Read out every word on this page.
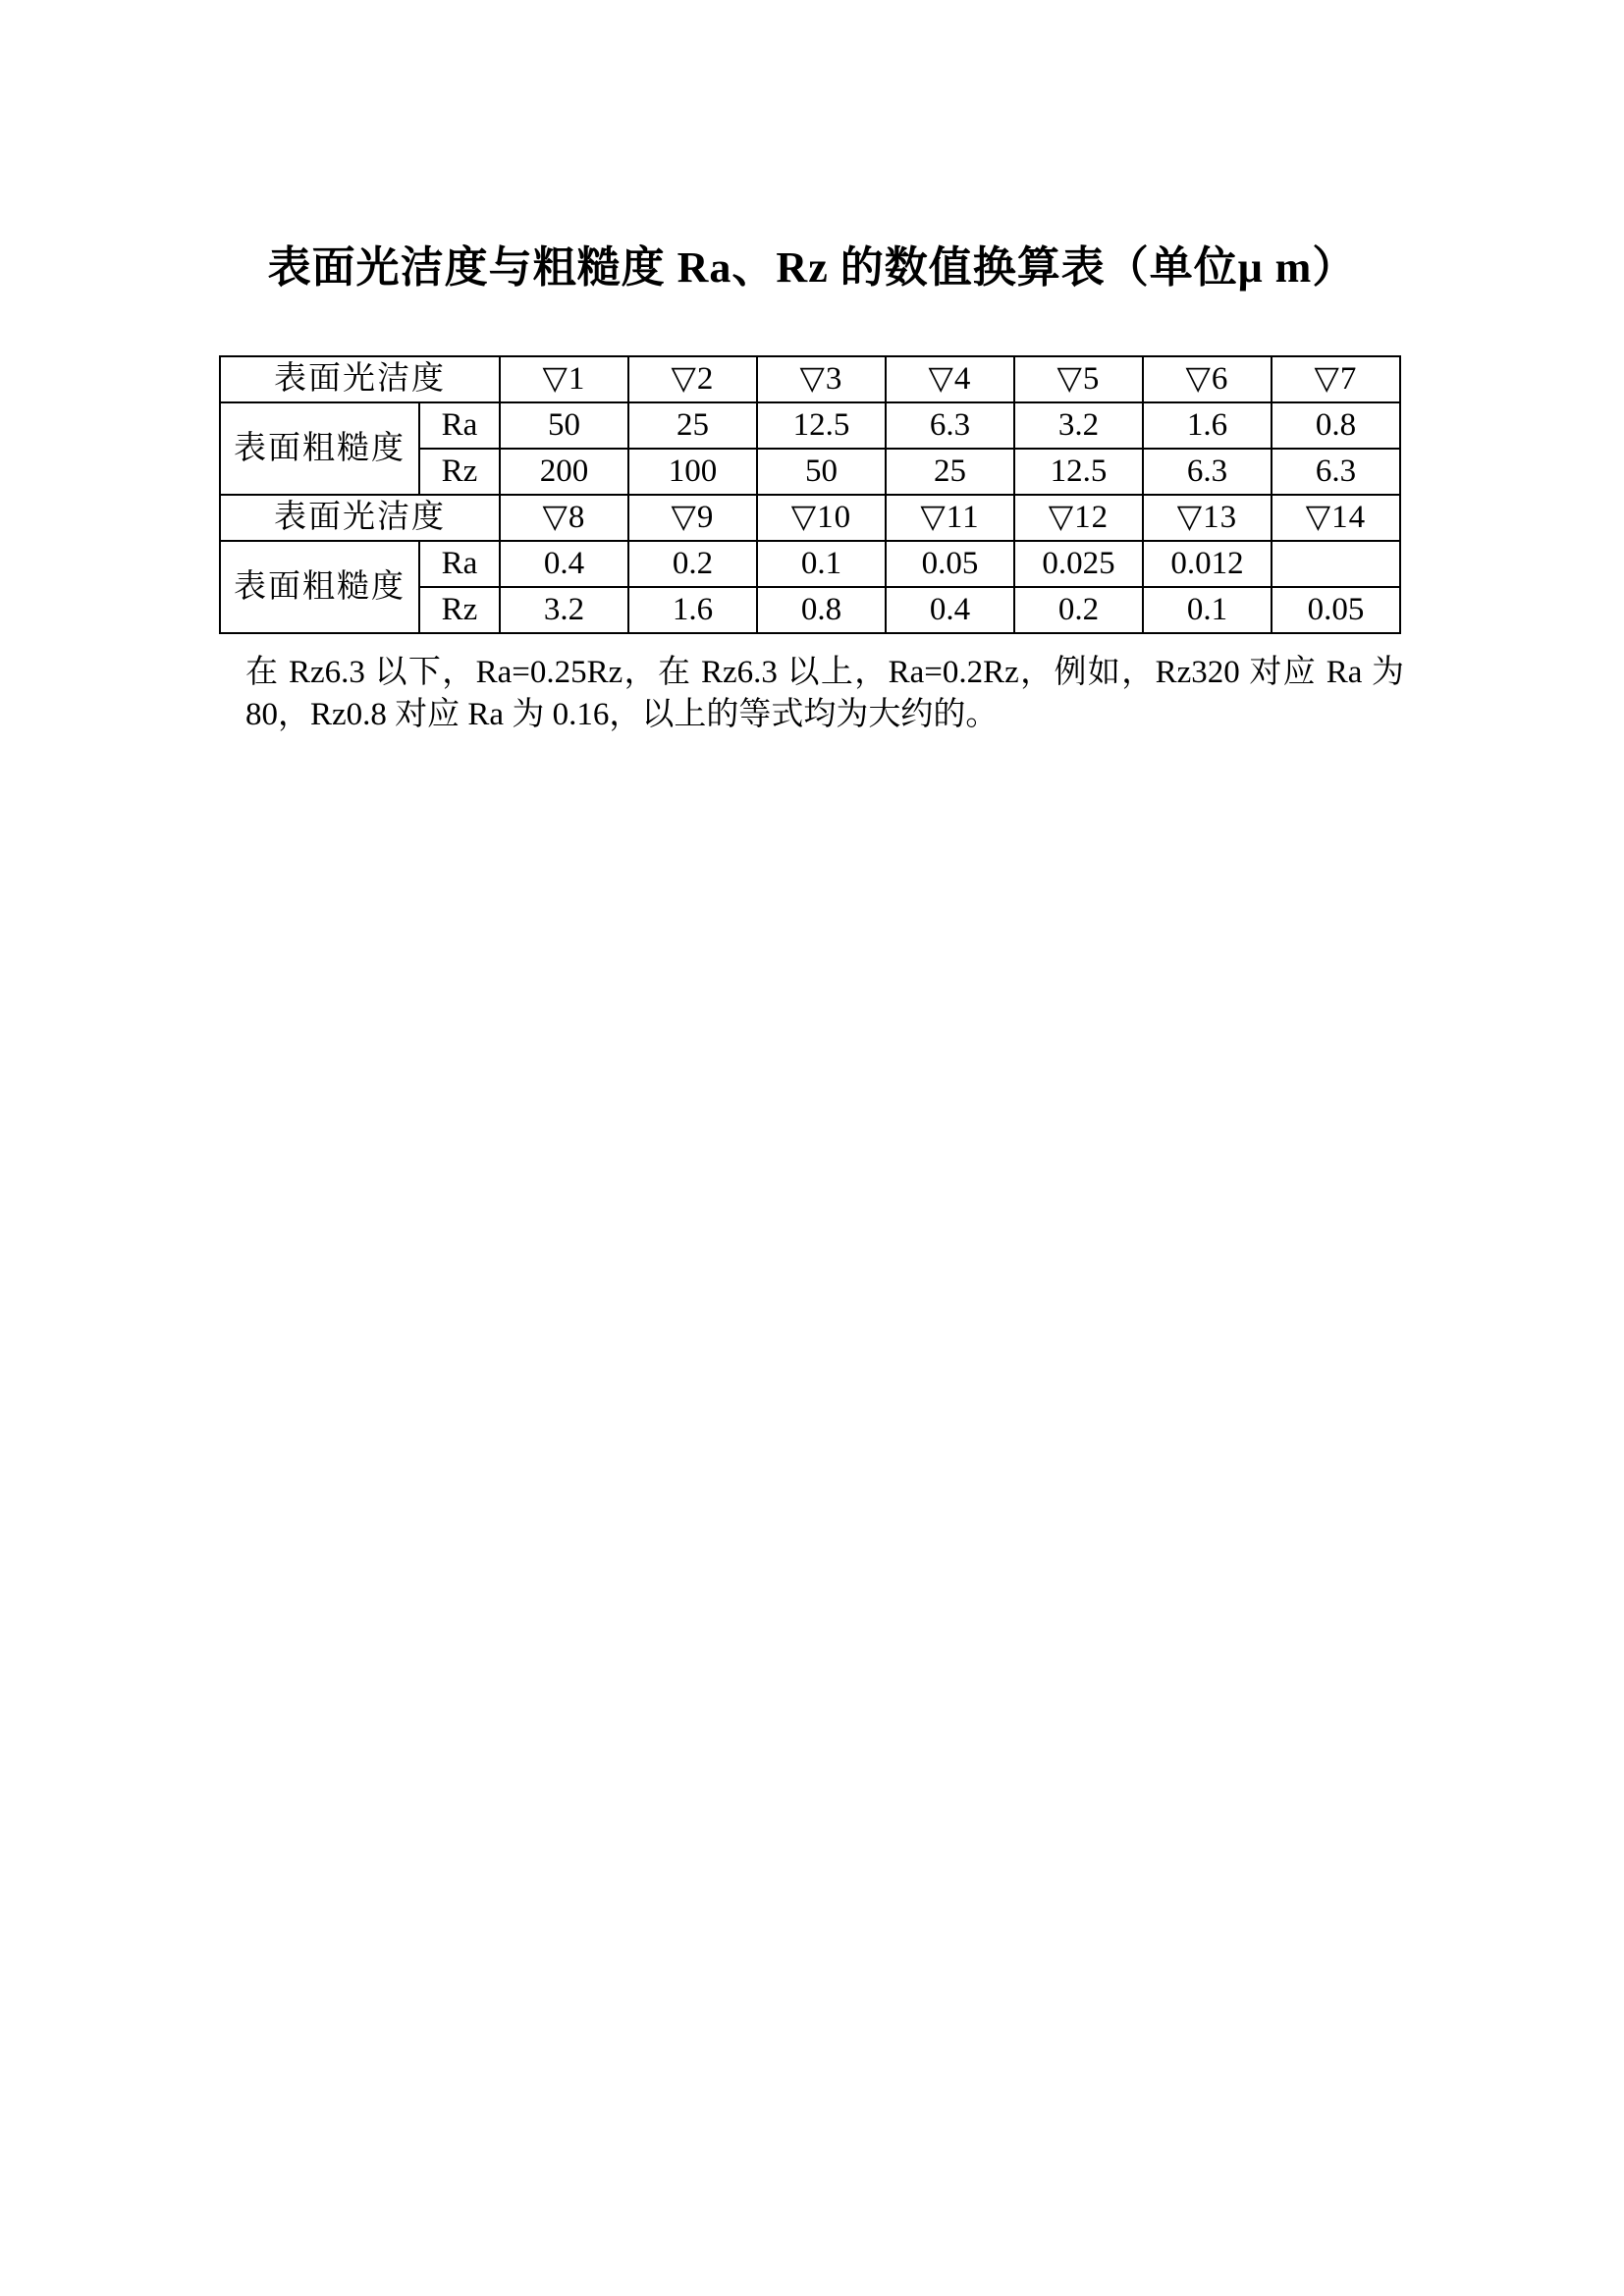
表面光洁度与粗糙度 Ra、Rz 的数值换算表（单位μ m）
表面光洁度		▽1	▽2	▽3	▽4	▽5	▽6	▽7
表面粗糙度	Ra	50	25	12.5	6.3	3.2	1.6	0.8
	Rz	200	100	50	25	12.5	6.3	6.3
表面光洁度		▽8	▽9	▽10	▽11	▽12	▽13	▽14
表面粗糙度	Ra	0.4	0.2	0.1	0.05	0.025	0.012	
	Rz	3.2	1.6	0.8	0.4	0.2	0.1	0.05
在 Rz6.3 以下，Ra=0.25Rz，在 Rz6.3 以上，Ra=0.2Rz，例如，Rz320 对应 Ra 为 80，Rz0.8 对应 Ra 为 0.16，以上的等式均为大约的。
